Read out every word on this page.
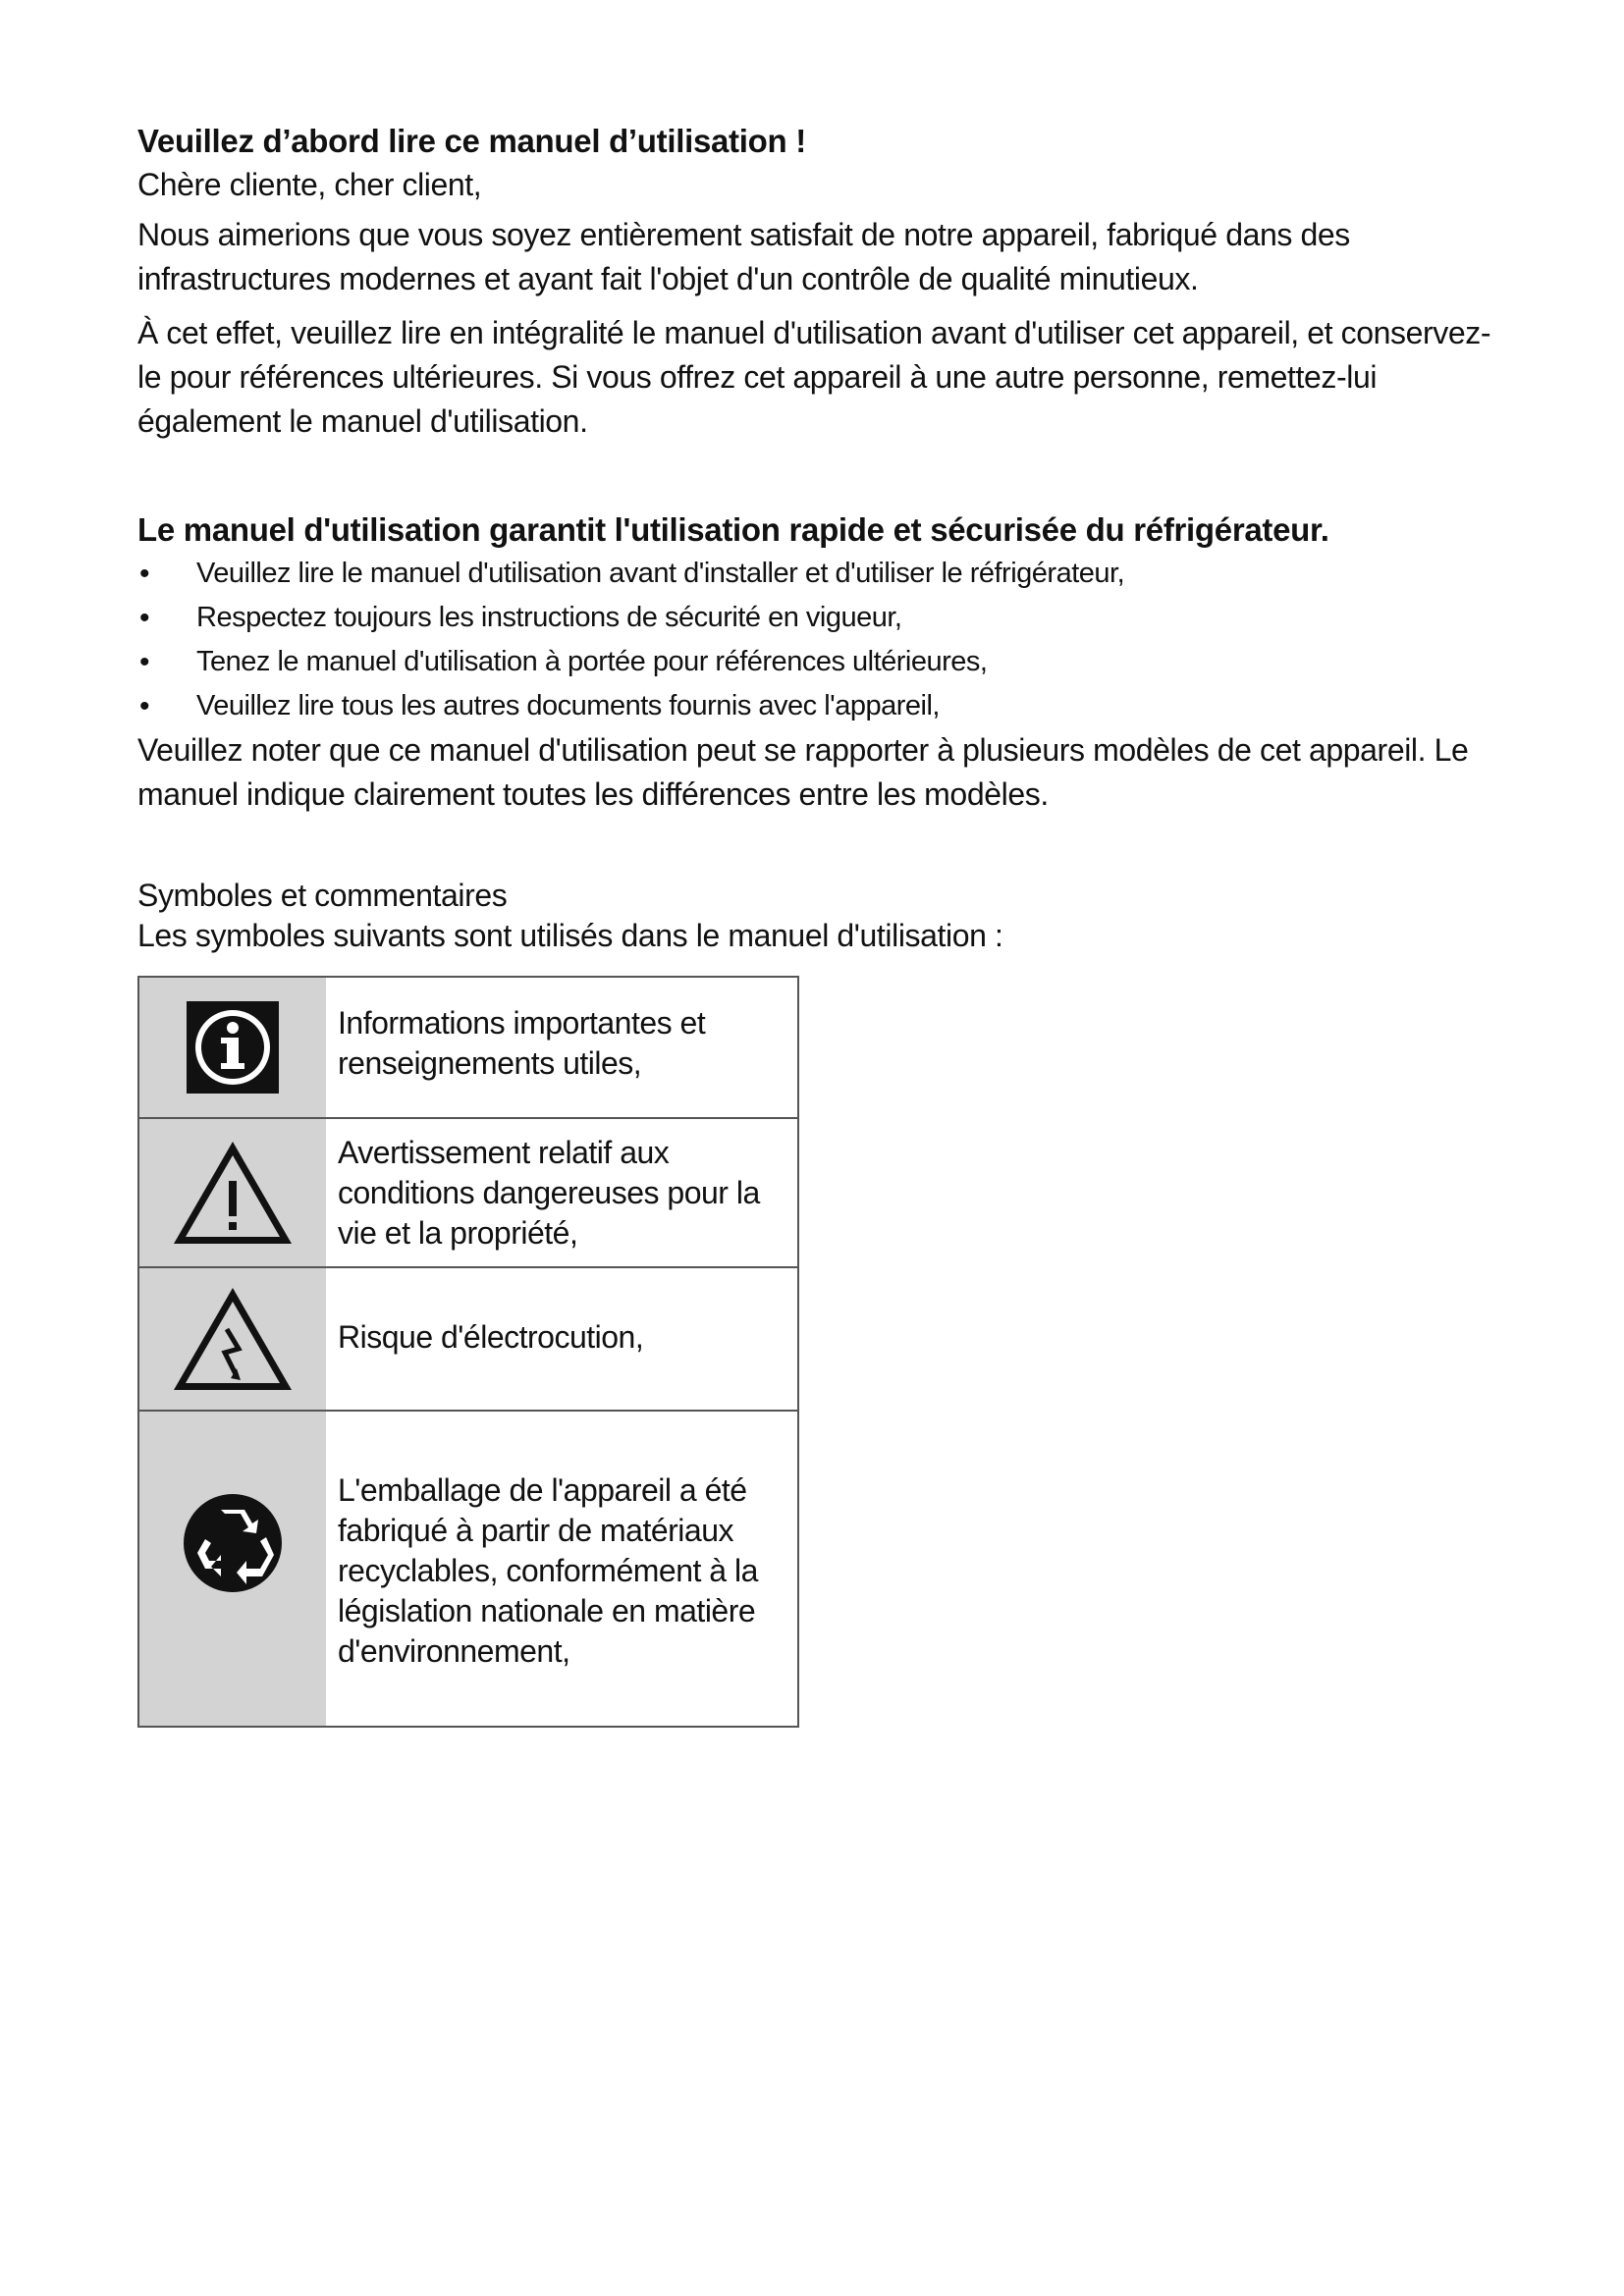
Veuillez d’abord lire ce manuel d’utilisation !

Chère cliente, cher client,

Nous aimerions que vous soyez entièrement satisfait de notre appareil, fabriqué dans des infrastructures modernes et ayant fait l'objet d'un contrôle de qualité minutieux.

À cet effet, veuillez lire en intégralité le manuel d'utilisation avant d'utiliser cet appareil, et conservez-le pour références ultérieures. Si vous offrez cet appareil à une autre personne, remettez-lui également le manuel d'utilisation.

Le manuel d'utilisation garantit l'utilisation rapide et sécurisée du réfrigérateur.

• Veuillez lire le manuel d'utilisation avant d'installer et d'utiliser le réfrigérateur,
• Respectez toujours les instructions de sécurité en vigueur,
• Tenez le manuel d'utilisation à portée pour références ultérieures,
• Veuillez lire tous les autres documents fournis avec l'appareil,

Veuillez noter que ce manuel d'utilisation peut se rapporter à plusieurs modèles de cet appareil. Le manuel indique clairement toutes les différences entre les modèles.

Symboles et commentaires

Les symboles suivants sont utilisés dans le manuel d'utilisation :

Informations importantes et renseignements utiles,
Avertissement relatif aux conditions dangereuses pour la vie et la propriété,
Risque d'électrocution,
L'emballage de l'appareil a été fabriqué à partir de matériaux recyclables, conformément à la législation nationale en matière d'environnement,
